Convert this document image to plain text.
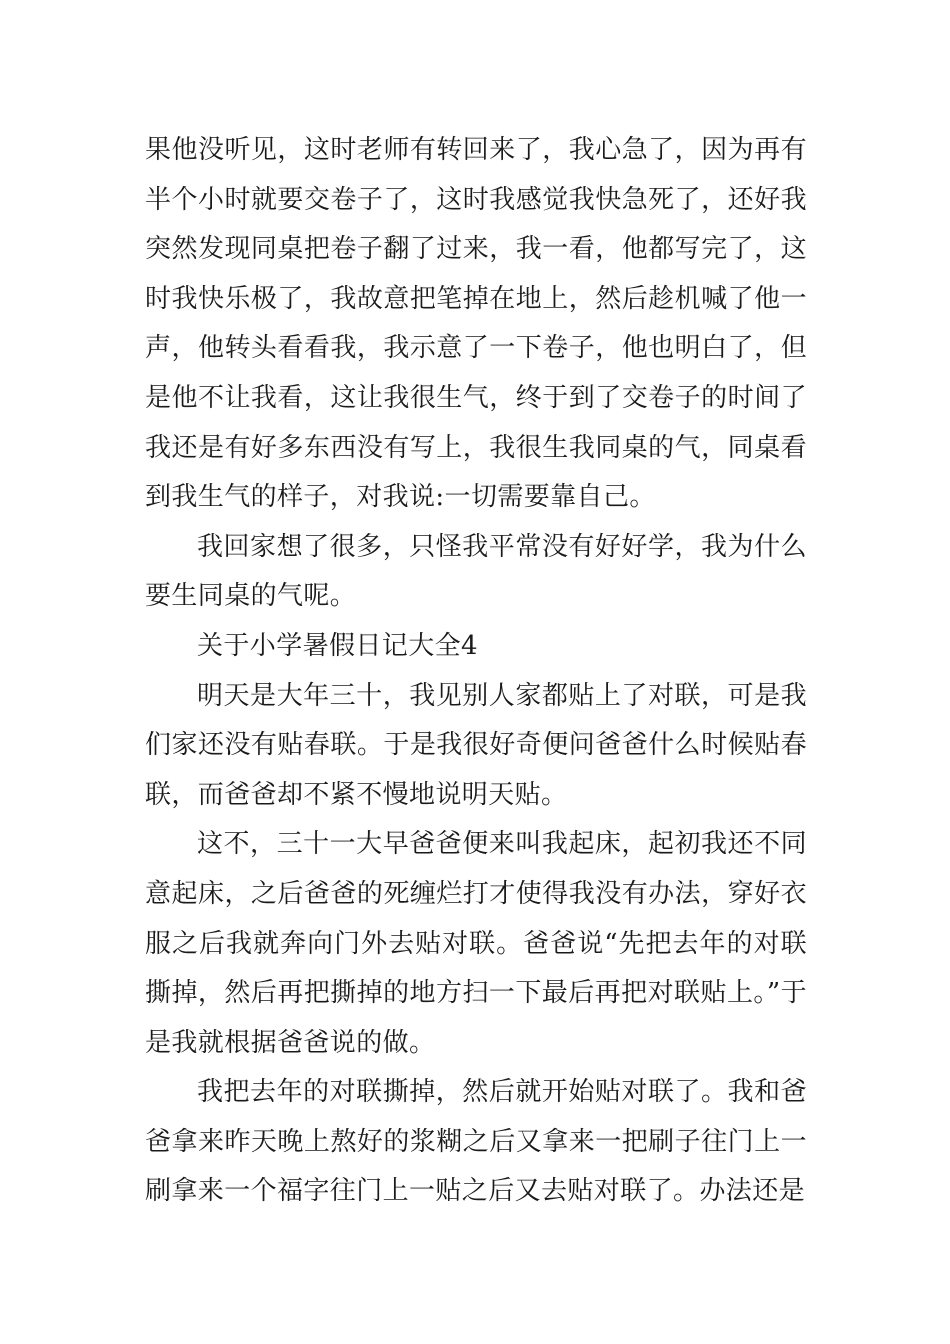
果他没听见，这时老师有转回来了，我心急了，因为再有半个小时就要交卷子了，这时我感觉我快急死了，还好我突然发现同桌把卷子翻了过来，我一看，他都写完了，这时我快乐极了，我故意把笔掉在地上，然后趁机喊了他一声，他转头看看我，我示意了一下卷子，他也明白了，但是他不让我看，这让我很生气，终于到了交卷子的时间了我还是有好多东西没有写上，我很生我同桌的气，同桌看到我生气的样子，对我说:一切需要靠自己。

我回家想了很多，只怪我平常没有好好学，我为什么要生同桌的气呢。

关于小学暑假日记大全4

明天是大年三十，我见别人家都贴上了对联，可是我们家还没有贴春联。于是我很好奇便问爸爸什么时候贴春联，而爸爸却不紧不慢地说明天贴。

这不，三十一大早爸爸便来叫我起床，起初我还不同意起床，之后爸爸的死缠烂打才使得我没有办法，穿好衣服之后我就奔向门外去贴对联。爸爸说“先把去年的对联撕掉，然后再把撕掉的地方扫一下最后再把对联贴上。”于是我就根据爸爸说的做。

我把去年的对联撕掉，然后就开始贴对联了。我和爸爸拿来昨天晚上熬好的浆糊之后又拿来一把刷子往门上一刷拿来一个福字往门上一贴之后又去贴对联了。办法还是
